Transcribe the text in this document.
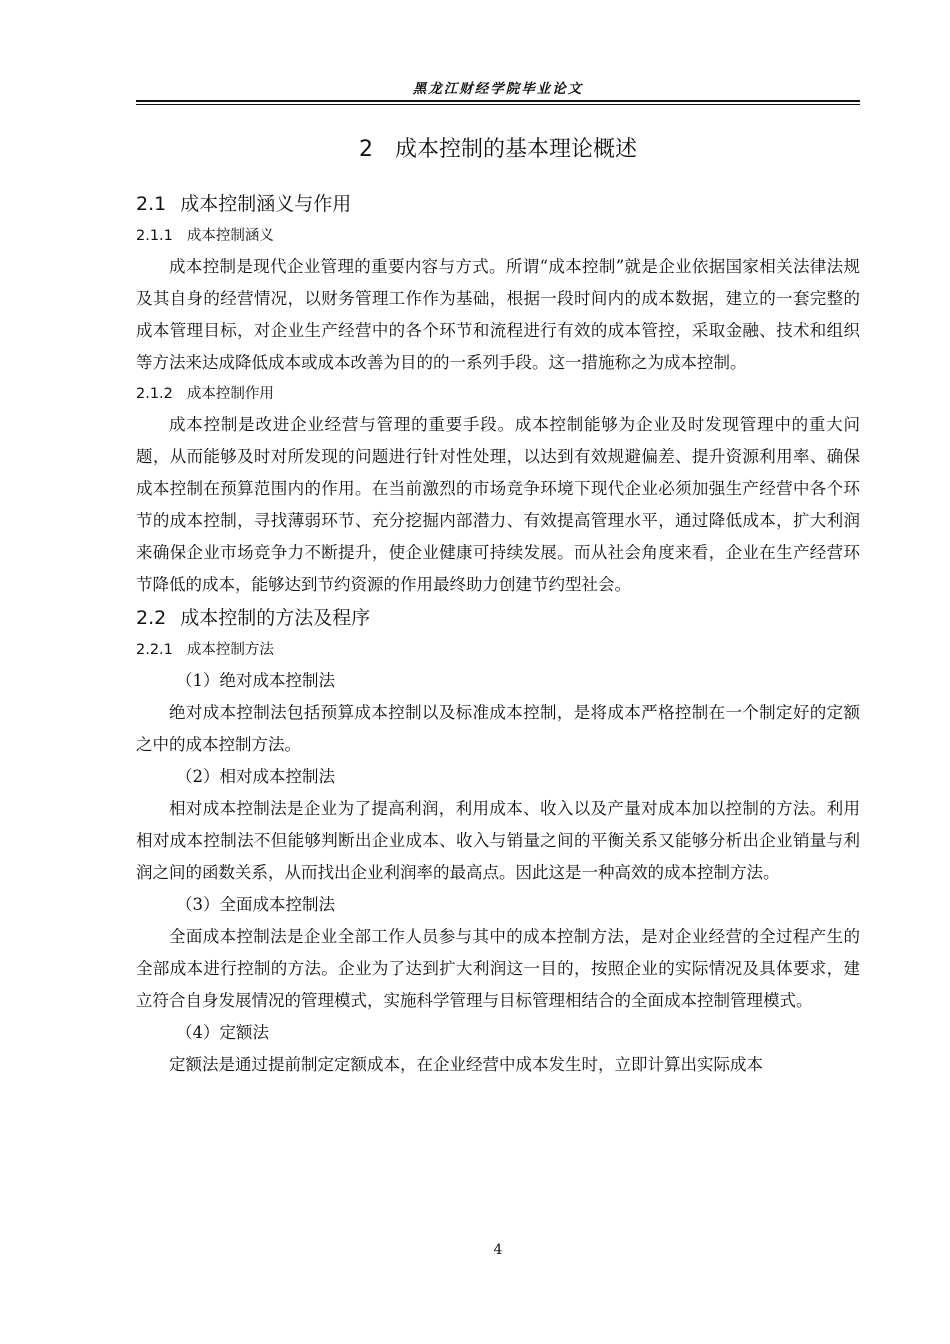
黑龙江财经学院毕业论文
2 成本控制的基本理论概述
2.1 成本控制涵义与作用
2.1.1 成本控制涵义

成本控制是现代企业管理的重要内容与方式。所谓“成本控制”就是企业依据国家相关法律法规及其自身的经营情况，以财务管理工作作为基础，根据一段时间内的成本数据，建立的一套完整的成本管理目标，对企业生产经营中的各个环节和流程进行有效的成本管控，采取金融、技术和组织等方法来达成降低成本或成本改善为目的的一系列手段。这一措施称之为成本控制。

2.1.2 成本控制作用

成本控制是改进企业经营与管理的重要手段。成本控制能够为企业及时发现管理中的重大问题，从而能够及时对所发现的问题进行针对性处理，以达到有效规避偏差、提升资源利用率、确保成本控制在预算范围内的作用。在当前激烈的市场竞争环境下现代企业必须加强生产经营中各个环节的成本控制，寻找薄弱环节、充分挖掘内部潜力、有效提高管理水平，通过降低成本，扩大利润来确保企业市场竞争力不断提升，使企业健康可持续发展。而从社会角度来看，企业在生产经营环节降低的成本，能够达到节约资源的作用最终助力创建节约型社会。

2.2 成本控制的方法及程序
2.2.1 成本控制方法
（1）绝对成本控制法

绝对成本控制法包括预算成本控制以及标准成本控制，是将成本严格控制在一个制定好的定额之中的成本控制方法。

（2）相对成本控制法

相对成本控制法是企业为了提高利润，利用成本、收入以及产量对成本加以控制的方法。利用相对成本控制法不但能够判断出企业成本、收入与销量之间的平衡关系又能够分析出企业销量与利润之间的函数关系，从而找出企业利润率的最高点。因此这是一种高效的成本控制方法。

（3）全面成本控制法

全面成本控制法是企业全部工作人员参与其中的成本控制方法，是对企业经营的全过程产生的全部成本进行控制的方法。企业为了达到扩大利润这一目的，按照企业的实际情况及具体要求，建立符合自身发展情况的管理模式，实施科学管理与目标管理相结合的全面成本控制管理模式。

（4）定额法

定额法是通过提前制定定额成本，在企业经营中成本发生时，立即计算出实际成本

4
